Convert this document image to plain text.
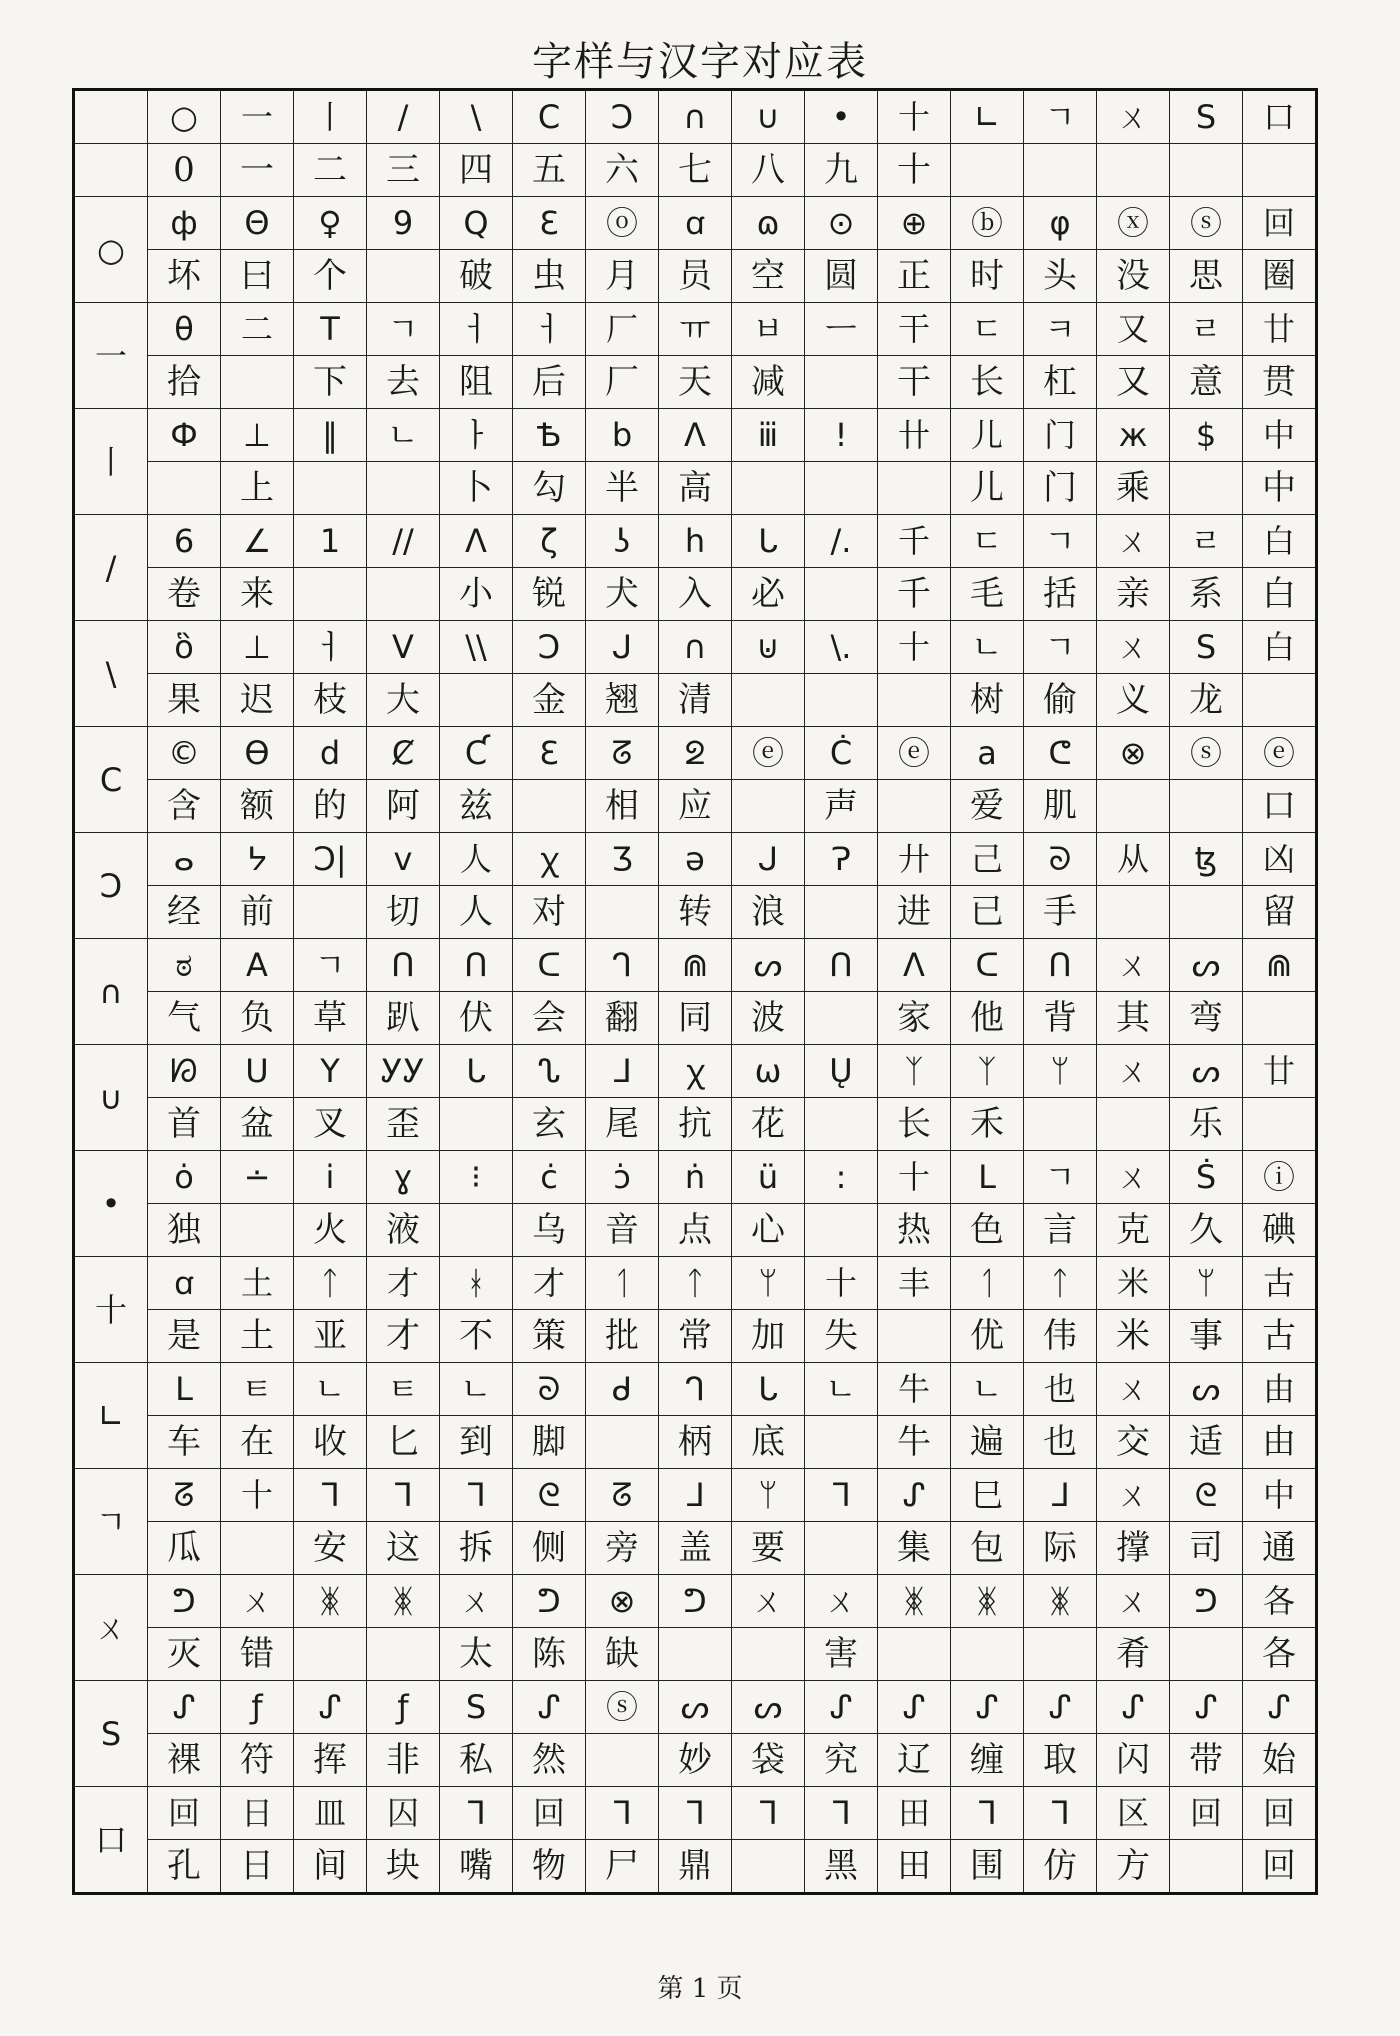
字样与汉字对应表
	○	一	丨	/	\	C	Ɔ	∩	∪	•	十	∟	ㄱ	ㄨ	S	口
	0	一	二	三	四	五	六	七	八	九	十					
○	ф	Θ	♀	9	Q	Ɛ	ⓞ	ꭤ	ɷ	⊙	⊕	ⓑ	φ	ⓧ	ⓢ	回
	坏	曰	个		破	虫	月	员	空	圆	正	时	头	没	思	圈
一	θ	二	T	ㄱ	ㅓ	ㅓ	厂	ㅠ	ㅂ	ㅡ	干	ㄷ	ㅋ	又	ㄹ	廿
	拾		下	去	阻	后	厂	天	减		干	长	杠	又	意	贯
丨	Ф	⊥	‖	ㄴ	ㅏ	Ѣ	b	ᐱ	ⅲ	!	卄	儿	门	ж	$	中
		上			卜	勾	半	高				儿	门	乘		中
/	6	∠	1	//	Λ	ζ	ʖ	h	ᒐ	/.	千	ㄷ	ㄱ	ㄨ	ㄹ	白
	卷	来			小	锐	犬	入	必		千	毛	括	亲	系	白
\	ὃ	⊥	ㅓ	V	\\	Ͻ	ᒍ	∩	⊍	\.	十	ㄴ	ㄱ	ㄨ	S	白
	果	迟	枝	大		金	翘	清				树	偷	义	龙	
C	©	Ɵ	d	Ȼ	Ƈ	Ɛ	ᘔ	ᘖ	ⓔ	Ċ	ⓔ	a	ᕦ	⊗	ⓢ	ⓔ
	含	额	的	阿	兹		相	应		声		爱	肌			口
Ɔ	ⴰ	ᔭ	Ɔ|	ⅴ	人	ꭓ	Ʒ	ə	ᒍ	Ɂ	廾	己	ᘐ	从	ꜩ	凶
	经	前		切	人	对		转	浪		进	已	手			留
∩	ಠ	A	ㄱ	ᑎ	ᑎ	ᑕ	ᒉ	⋒	ᔕ	ᑎ	ᐱ	ᑕ	ᑎ	ㄨ	ᔕ	⋒
	气	负	草	趴	伏	会	翻	同	波		家	他	背	其	弯	
∪	ᘗ	ᑌ	Y	ᎩᎩ	ᒐ	ᔐ	ᒧ	ꭓ	ω	Ų	ᛉ	ᛉ	ᛘ	ㄨ	ᔕ	廿
	首	盆	叉	歪		玄	尾	抗	花		长	禾			乐	
•	ȯ	∸	i	ɣ	⁝	ċ	ɔ̇	ṅ	ü	:	十	ᒪ	ㄱ	ㄨ	Ṡ	ⓘ
	独		火	液		乌	音	点	心		热	色	言	克	久	碘
十	ꭤ	土	ᛏ	才	ᚼ	才	ᛐ	ᛏ	ᛘ	十	丰	ᛐ	ᛏ	米	ᛘ	古
	是	土	亚	才	不	策	批	常	加	失		优	伟	米	事	古
∟	ᒪ	ㅌ	ㄴ	ㅌ	ㄴ	ᘐ	ᑯ	ᒉ	ᒐ	ㄴ	牛	ㄴ	也	ㄨ	ᔕ	由
	车	在	收	匕	到	脚		柄	底		牛	遍	也	交	适	由
ㄱ	ᘔ	十	ᒣ	ᒣ	ᒣ	ᘓ	ᘔ	ᒧ	ᛘ	ᒣ	ᔑ	巳	ᒧ	ㄨ	ᘓ	中
	瓜		安	这	拆	侧	旁	盖	要		集	包	际	撑	司	通
ㄨ	ᕤ	ㄨ	ᛤ	ᛤ	ㄨ	ᕤ	⊗	ᕤ	ㄨ	ㄨ	ᛤ	ᛤ	ᛤ	ㄨ	ᕤ	各
	灭	错			太	陈	缺			害				肴		各
S	ᔑ	ƒ	ᔑ	ƒ	S	ᔑ	ⓢ	ᔕ	ᔕ	ᔑ	ᔑ	ᔑ	ᔑ	ᔑ	ᔑ	ᔑ
	裸	符	挥	非	私	然		妙	袋	究	辽	缠	取	闪	带	始
口	回	日	皿	囚	ᒣ	回	ᒣ	ᒣ	ᒣ	ᒣ	田	ᒣ	ᒣ	区	回	回
	孔	日	间	块	嘴	物	尸	鼎		黑	田	围	仿	方		回
第 1 页
